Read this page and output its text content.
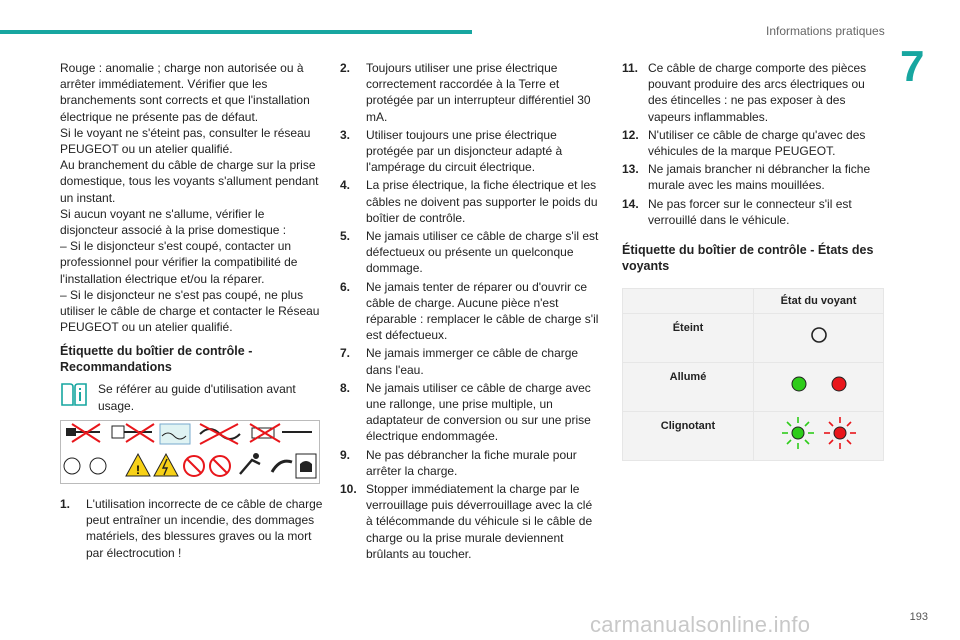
Informations pratiques
7

Rouge : anomalie ; charge non autorisée ou à arrêter immédiatement. Vérifier que les branchements sont corrects et que l'installation électrique ne présente pas de défaut.

Si le voyant ne s'éteint pas, consulter le réseau PEUGEOT ou un atelier qualifié.

Au branchement du câble de charge sur la prise domestique, tous les voyants s'allument pendant un instant.

Si aucun voyant ne s'allume, vérifier le disjoncteur associé à la prise domestique :

– Si le disjoncteur s'est coupé, contacter un professionnel pour vérifier la compatibilité de l'installation électrique et/ou la réparer.

– Si le disjoncteur ne s'est pas coupé, ne plus utiliser le câble de charge et contacter le Réseau PEUGEOT ou un atelier qualifié.

Étiquette du boîtier de contrôle - Recommandations

Se référer au guide d'utilisation avant usage.

!
1.	L'utilisation incorrecte de ce câble de charge peut entraîner un incendie, des dommages matériels, des blessures graves ou la mort par électrocution !
2.	Toujours utiliser une prise électrique correctement raccordée à la Terre et protégée par un interrupteur différentiel 30 mA.
3.	Utiliser toujours une prise électrique protégée par un disjoncteur adapté à l'ampérage du circuit électrique.
4.	La prise électrique, la fiche électrique et les câbles ne doivent pas supporter le poids du boîtier de contrôle.
5.	Ne jamais utiliser ce câble de charge s'il est défectueux ou présente un quelconque dommage.
6.	Ne jamais tenter de réparer ou d'ouvrir ce câble de charge. Aucune pièce n'est réparable : remplacer le câble de charge s'il est défectueux.
7.	Ne jamais immerger ce câble de charge dans l'eau.
8.	Ne jamais utiliser ce câble de charge avec une rallonge, une prise multiple, un adaptateur de conversion ou sur une prise électrique endommagée.
9.	Ne pas débrancher la fiche murale pour arrêter la charge.
10. Stopper immédiatement la charge par le verrouillage puis déverrouillage avec la clé à télécommande du véhicule si le câble de charge ou la prise murale deviennent brûlants au toucher.
11. Ce câble de charge comporte des pièces pouvant produire des arcs électriques ou des étincelles : ne pas exposer à des vapeurs inflammables.
12. N'utiliser ce câble de charge qu'avec des véhicules de la marque PEUGEOT.
13. Ne jamais brancher ni débrancher la fiche murale avec les mains mouillées.
14. Ne pas forcer sur le connecteur s'il est verrouillé dans le véhicule.

Étiquette du boîtier de contrôle - États des voyants

	État du voyant
Éteint	
Allumé	
Clignotant	
carmanualsonline.info	193
